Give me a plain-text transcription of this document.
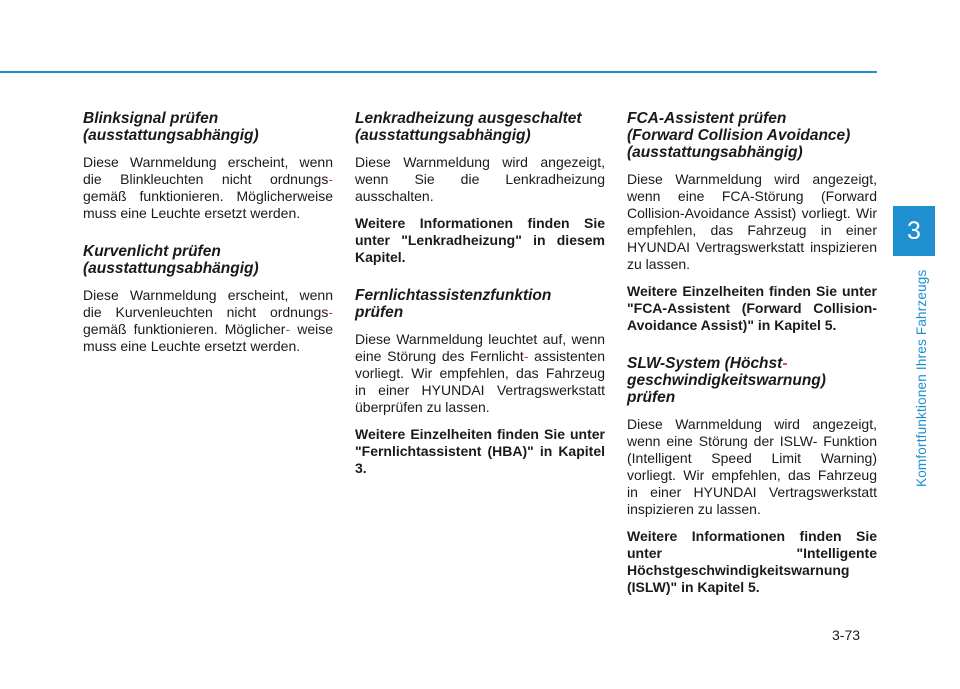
Blinksignal prüfen
(ausstattungsabhängig)
Diese Warnmeldung erscheint, wenn die Blinkleuchten nicht ordnungs- gemäß funktionieren. Möglicherweise muss eine Leuchte ersetzt werden.
Kurvenlicht prüfen
(ausstattungsabhängig)
Diese Warnmeldung erscheint, wenn die Kurvenleuchten nicht ordnungs- gemäß funktionieren. Möglicher- weise muss eine Leuchte ersetzt werden.
Lenkradheizung ausgeschaltet
(ausstattungsabhängig)
Diese Warnmeldung wird angezeigt, wenn Sie die Lenkradheizung ausschalten.
Weitere Informationen finden Sie unter "Lenkradheizung" in diesem Kapitel.
Fernlichtassistenzfunktion
prüfen
Diese Warnmeldung leuchtet auf, wenn eine Störung des Fernlicht- assistenten vorliegt. Wir empfehlen, das Fahrzeug in einer HYUNDAI Vertragswerkstatt überprüfen zu lassen.
Weitere Einzelheiten finden Sie unter "Fernlichtassistent (HBA)" in Kapitel 3.
FCA-Assistent prüfen
(Forward Collision Avoidance)
(ausstattungsabhängig)
Diese Warnmeldung wird angezeigt, wenn eine FCA-Störung (Forward Collision-Avoidance Assist) vorliegt. Wir empfehlen, das Fahrzeug in einer HYUNDAI Vertragswerkstatt inspizieren zu lassen.
Weitere Einzelheiten finden Sie unter "FCA-Assistent (Forward Collision-Avoidance Assist)" in Kapitel 5.
SLW-System (Höchst-
geschwindigkeitswarnung) prüfen
Diese Warnmeldung wird angezeigt, wenn eine Störung der ISLW- Funktion (Intelligent Speed Limit Warning) vorliegt. Wir empfehlen, das Fahrzeug in einer HYUNDAI Vertragswerkstatt inspizieren zu lassen.
Weitere Informationen finden Sie unter "Intelligente Höchstgeschwindigkeitswarnung (ISLW)" in Kapitel 5.
3
Komfortfunktionen Ihres Fahrzeugs
3-73
